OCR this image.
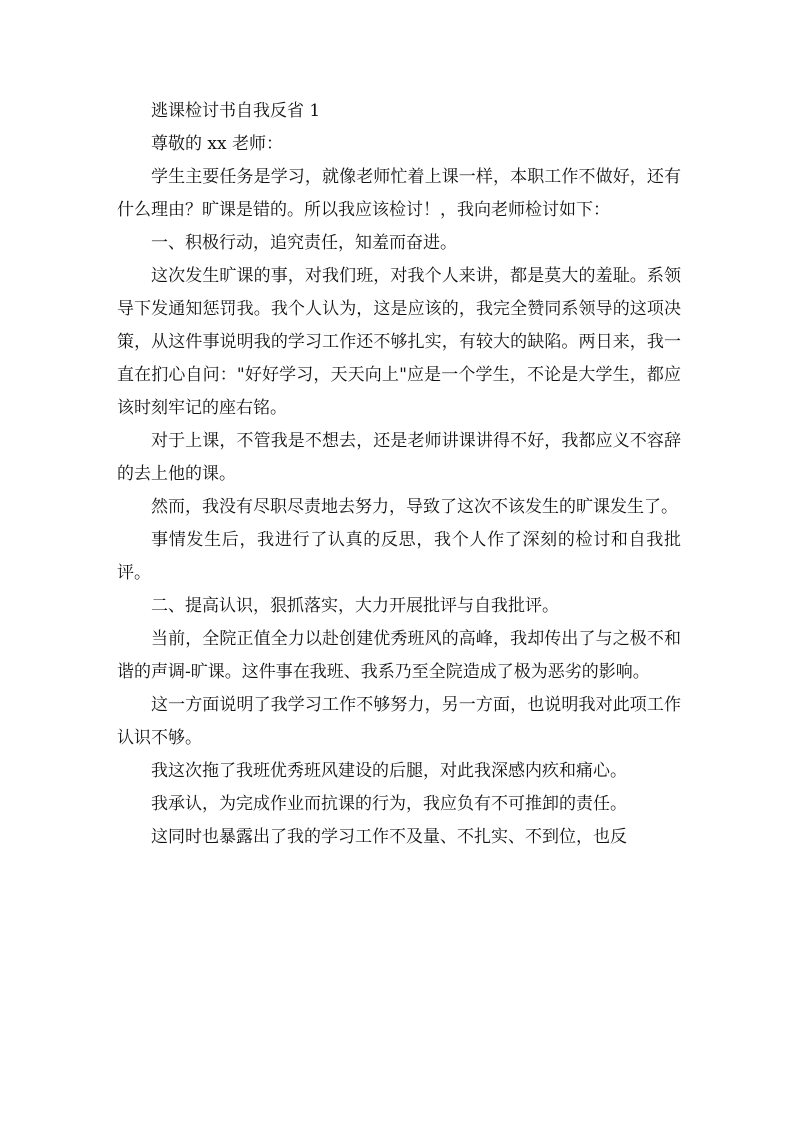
逃课检讨书自我反省 1

尊敬的 xx 老师：

学生主要任务是学习，就像老师忙着上课一样，本职工作不做好，还有什么理由？旷课是错的。所以我应该检讨！，我向老师检讨如下：

一、积极行动，追究责任，知羞而奋进。

这次发生旷课的事，对我们班，对我个人来讲，都是莫大的羞耻。系领导下发通知惩罚我。我个人认为，这是应该的，我完全赞同系领导的这项决策，从这件事说明我的学习工作还不够扎实，有较大的缺陷。两日来，我一直在扪心自问："好好学习，天天向上"应是一个学生，不论是大学生，都应该时刻牢记的座右铭。

对于上课，不管我是不想去，还是老师讲课讲得不好，我都应义不容辞的去上他的课。

然而，我没有尽职尽责地去努力，导致了这次不该发生的旷课发生了。

事情发生后，我进行了认真的反思，我个人作了深刻的检讨和自我批评。

二、提高认识，狠抓落实，大力开展批评与自我批评。

当前，全院正值全力以赴创建优秀班风的高峰，我却传出了与之极不和谐的声调-旷课。这件事在我班、我系乃至全院造成了极为恶劣的影响。

这一方面说明了我学习工作不够努力，另一方面，也说明我对此项工作认识不够。

我这次拖了我班优秀班风建设的后腿，对此我深感内疚和痛心。

我承认，为完成作业而抗课的行为，我应负有不可推卸的责任。

这同时也暴露出了我的学习工作不及量、不扎实、不到位，也反
